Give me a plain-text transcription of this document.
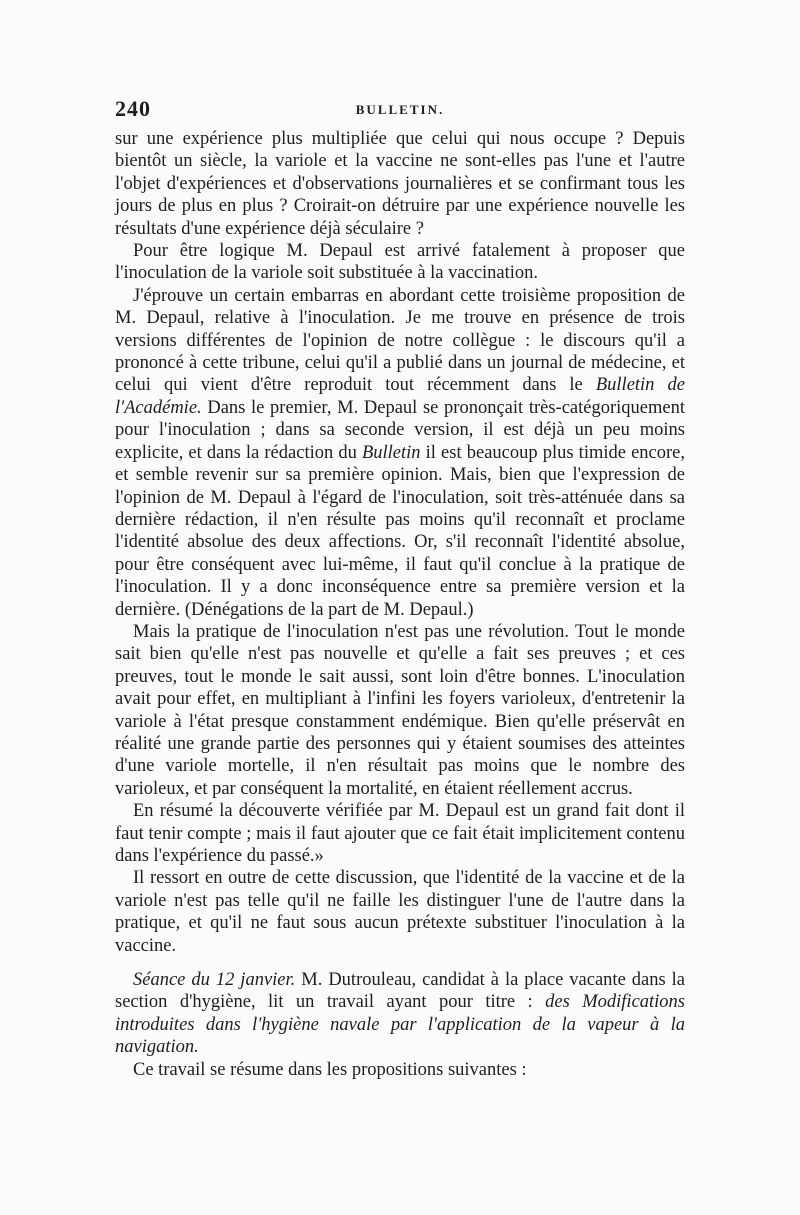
240	BULLETIN.

sur une expérience plus multipliée que celui qui nous occupe ? Depuis bientôt un siècle, la variole et la vaccine ne sont-elles pas l'une et l'autre l'objet d'expériences et d'observations journalières et se confirmant tous les jours de plus en plus ? Croirait-on détruire par une expérience nouvelle les résultats d'une expérience déjà séculaire ?

Pour être logique M. Depaul est arrivé fatalement à proposer que l'inoculation de la variole soit substituée à la vaccination.

J'éprouve un certain embarras en abordant cette troisième proposition de M. Depaul, relative à l'inoculation. Je me trouve en présence de trois versions différentes de l'opinion de notre collègue : le discours qu'il a prononcé à cette tribune, celui qu'il a publié dans un journal de médecine, et celui qui vient d'être reproduit tout récemment dans le Bulletin de l'Académie. Dans le premier, M. Depaul se prononçait très-catégoriquement pour l'inoculation ; dans sa seconde version, il est déjà un peu moins explicite, et dans la rédaction du Bulletin il est beaucoup plus timide encore, et semble revenir sur sa première opinion. Mais, bien que l'expression de l'opinion de M. Depaul à l'égard de l'inoculation, soit très-atténuée dans sa dernière rédaction, il n'en résulte pas moins qu'il reconnaît et proclame l'identité absolue des deux affections. Or, s'il reconnaît l'identité absolue, pour être conséquent avec lui-même, il faut qu'il conclue à la pratique de l'inoculation. Il y a donc inconséquence entre sa première version et la dernière. (Dénégations de la part de M. Depaul.)

Mais la pratique de l'inoculation n'est pas une révolution. Tout le monde sait bien qu'elle n'est pas nouvelle et qu'elle a fait ses preuves ; et ces preuves, tout le monde le sait aussi, sont loin d'être bonnes. L'inoculation avait pour effet, en multipliant à l'infini les foyers varioleux, d'entretenir la variole à l'état presque constamment endémique. Bien qu'elle préservât en réalité une grande partie des personnes qui y étaient soumises des atteintes d'une variole mortelle, il n'en résultait pas moins que le nombre des varioleux, et par conséquent la mortalité, en étaient réellement accrus.

En résumé la découverte vérifiée par M. Depaul est un grand fait dont il faut tenir compte ; mais il faut ajouter que ce fait était implicitement contenu dans l'expérience du passé.»

Il ressort en outre de cette discussion, que l'identité de la vaccine et de la variole n'est pas telle qu'il ne faille les distinguer l'une de l'autre dans la pratique, et qu'il ne faut sous aucun prétexte substituer l'inoculation à la vaccine.

Séance du 12 janvier. M. Dutrouleau, candidat à la place vacante dans la section d'hygiène, lit un travail ayant pour titre : des Modifications introduites dans l'hygiène navale par l'application de la vapeur à la navigation.

Ce travail se résume dans les propositions suivantes :
